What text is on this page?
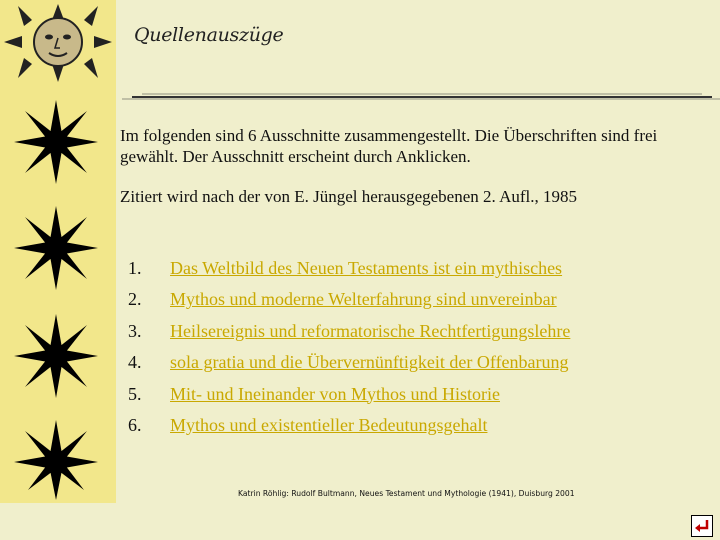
Quellenauszüge
Im folgenden sind 6 Ausschnitte zusammengestellt. Die Überschriften sind frei gewählt. Der Ausschnitt erscheint durch Anklicken.
Zitiert wird nach der von E. Jüngel herausgegebenen 2. Aufl., 1985
1.	Das Weltbild des Neuen Testaments ist ein mythisches
2.	Mythos und moderne Welterfahrung sind unvereinbar
3.	Heilsereignis und reformatorische Rechtfertigungslehre
4.	sola gratia und die Übervernünftigkeit der Offenbarung
5.	Mit- und Ineinander von Mythos und Historie
6.	Mythos und existentieller Bedeutungsgehalt
Katrin Röhlig: Rudolf Bultmann, Neues Testament und Mythologie (1941), Duisburg 2001
